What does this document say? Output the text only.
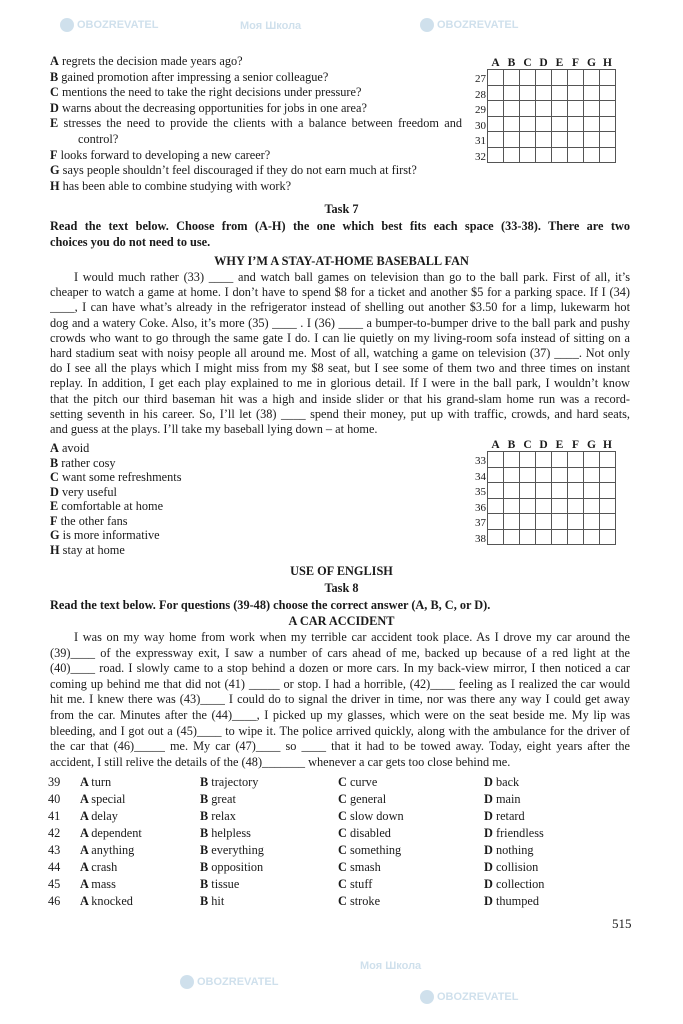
OBOZREVATEL	Моя Школа	OBOZREVATEL
Моя Школа
OBOZREVATEL
OBOZREVATEL
A regrets the decision made years ago?
B gained promotion after impressing a senior colleague?
C mentions the need to take the right decisions under pressure?
D warns about the decreasing opportunities for jobs in one area?
E stresses the need to provide the clients with a balance between freedom and
control?
F looks forward to developing a new career?
G says people shouldn’t feel discouraged if they do not earn much at first?
H has been able to combine studying with work?
	A	B	C	D	E	F	G	H
27								
28								
29								
30								
31								
32								
Task 7
Read the text below. Choose from (A-H) the one which best fits each space (33-38). There are two
choices you do not need to use.
WHY I’M A STAY-AT-HOME BASEBALL FAN
I would much rather (33) ____ and watch ball games on television than go to the ball park. First of all, it’s
cheaper to watch a game at home. I don’t have to spend $8 for a ticket and another $5 for a parking space. If I (34)
____, I can have what’s already in the refrigerator instead of shelling out another $3.50 for a limp, lukewarm hot
dog and a watery Coke. Also, it’s more (35) ____ . I (36) ____ a bumper-to-bumper drive to the ball park and pushy
crowds who want to go through the same gate I do. I can lie quietly on my living-room sofa instead of sitting on a
hard stadium seat with noisy people all around me. Most of all, watching a game on television (37) ____. Not only
do I see all the plays which I might miss from my $8 seat, but I see some of them two and three times on instant
replay. In addition, I get each play explained to me in glorious detail. If I were in the ball park, I wouldn’t know
that the pitch our third baseman hit was a high and inside slider or that his grand-slam home run was a record-
setting seventh in his career. So, I’ll let (38) ____ spend their money, put up with traffic, crowds, and hard seats,
and guess at the plays. I’ll take my baseball lying down – at home.
A avoid
B rather cosy
C want some refreshments
D very useful
E comfortable at home
F the other fans
G is more informative
H stay at home
	A	B	C	D	E	F	G	H
33								
34								
35								
36								
37								
38								
USE OF ENGLISH
Task 8
Read the text below. For questions (39-48) choose the correct answer (A, B, C, or D).
A CAR ACCIDENT
I was on my way home from work when my terrible car accident took place. As I drove my car around the
(39)____ of the expressway exit, I saw a number of cars ahead of me, backed up because of a red light at the
(40)____ road. I slowly came to a stop behind a dozen or more cars. In my back-view mirror, I then noticed a car
coming up behind me that did not (41) _____ or stop. I had a horrible, (42)____ feeling as I realized the car would
hit me. I knew there was (43)____ I could do to signal the driver in time, nor was there any way I could get away
from the car. Minutes after the (44)____, I picked up my glasses, which were on the seat beside me. My lip was
bleeding, and I got out a (45)____ to wipe it. The police arrived quickly, along with the ambulance for the driver of
the car that (46)_____ me. My car (47)____ so ____ that it had to be towed away. Today, eight years after the
accident, I still relive the details of the (48)_______ whenever a car gets too close behind me.
39	A turn	B trajectory	C curve	D back
40	A special	B great	C general	D main
41	A delay	B relax	C slow down	D retard
42	A dependent	B helpless	C disabled	D friendless
43	A anything	B everything	C something	D nothing
44	A crash	B opposition	C smash	D collision
45	A mass	B tissue	C stuff	D collection
46	A knocked	B hit	C stroke	D thumped
515
